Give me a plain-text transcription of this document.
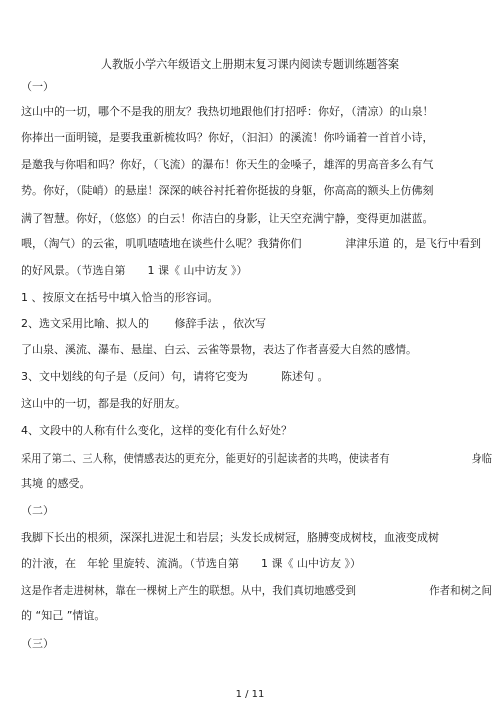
人教版小学六年级语文上册期末复习课内阅读专题训练题答案
（一）
这山中的一切，哪个不是我的朋友？我热切地跟他们打招呼：你好，（清凉）的山泉！
你捧出一面明镜，是要我重新梳妆吗？你好，（汩汩）的溪流！你吟诵着一首首小诗，
是邀我与你唱和吗？你好，（飞流）的瀑布！你天生的金嗓子，雄浑的男高音多么有气
势。你好，（陡峭）的悬崖！深深的峡谷衬托着你挺拔的身躯，你高高的额头上仿佛刻
满了智慧。你好，（悠悠）的白云！你洁白的身影，让天空充满宁静，变得更加湛蓝。
喂，（淘气）的云雀，叽叽喳喳地在谈些什么呢？我猜你们　　　　津津乐道 的，是飞行中看到
的好风景。（节选自第　　1 课《 山中访友 》）
1 、按原文在括号中填入恰当的形容词。
2、选文采用比喻、拟人的　　 修辞手法 ，依次写
了山泉、溪流、瀑布、悬崖、白云、云雀等景物，表达了作者喜爱大自然的感情。
3、文中划线的句子是（反问）句，请将它变为　　　陈述句 。
这山中的一切，都是我的好朋友。
4、文段中的人称有什么变化，这样的变化有什么好处？
采用了第二、三人称，使情感表达的更充分，能更好的引起读者的共鸣，使读者有　　　　　　　　身临
其境 的感受。
（二）
我脚下长出的根须，深深扎进泥土和岩层；头发长成树冠，胳膊变成树枝，血液变成树
的汁液，在　年轮 里旋转、流淌。（节选自第　　1 课《 山中访友 》）
这是作者走进树林，靠在一棵树上产生的联想。从中，我们真切地感受到　　　　　　　作者和树之间
的 “知己 ”情谊。
（三）
1 / 11
